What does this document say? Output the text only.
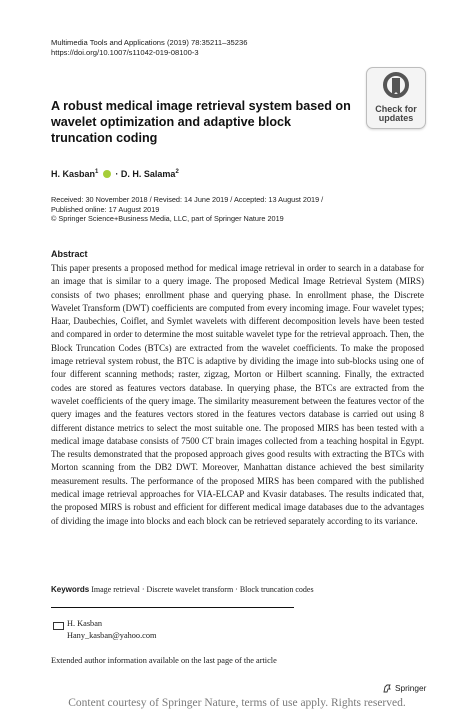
Multimedia Tools and Applications (2019) 78:35211–35236
https://doi.org/10.1007/s11042-019-08100-3
Check for
updates
A robust medical image retrieval system based on wavelet optimization and adaptive block truncation coding
H. Kasban$^1$ · D. H. Salama$^2$
Received: 30 November 2018 / Revised: 14 June 2019 / Accepted: 13 August 2019 /
Published online: 17 August 2019
© Springer Science+Business Media, LLC, part of Springer Nature 2019
Abstract
This paper presents a proposed method for medical image retrieval in order to search in a database for an image that is similar to a query image. The proposed Medical Image Retrieval System (MIRS) consists of two phases; enrollment phase and querying phase. In enrollment phase, the Discrete Wavelet Transform (DWT) coefficients are computed from every incoming image. Four wavelet types; Haar, Daubechies, Coiflet, and Symlet wavelets with different decomposition levels have been tested and compared in order to determine the most suitable wavelet type for the retrieval approach. Then, the Block Truncation Codes (BTCs) are extracted from the wavelet coefficients. To make the proposed image retrieval system robust, the BTC is adaptive by dividing the image into sub-blocks using one of four different scanning methods; raster, zigzag, Morton or Hilbert scanning. Finally, the extracted codes are stored as features vectors database. In querying phase, the BTCs are extracted from the wavelet coefficients of the query image. The similarity measurement between the features vector of the query images and the features vectors stored in the features vectors database is carried out using 8 different distance metrics to select the most suitable one. The proposed MIRS has been tested with a medical image database consists of 7500 CT brain images collected from a teaching hospital in Egypt. The results demonstrated that the proposed approach gives good results with extracting the BTCs with Morton scanning from the DB2 DWT. Moreover, Manhattan distance achieved the best similarity measurement results. The performance of the proposed MIRS has been compared with the published medical image retrieval approaches for VIA-ELCAP and Kvasir databases. The results indicated that, the proposed MIRS is robust and efficient for different medical image databases due to the advantages of dividing the image into blocks and each block can be retrieved separately according to its variance.
Keywords Image retrieval · Discrete wavelet transform · Block truncation codes
H. Kasban
Hany_kasban@yahoo.com
Extended author information available on the last page of the article
Springer
Content courtesy of Springer Nature, terms of use apply. Rights reserved.
